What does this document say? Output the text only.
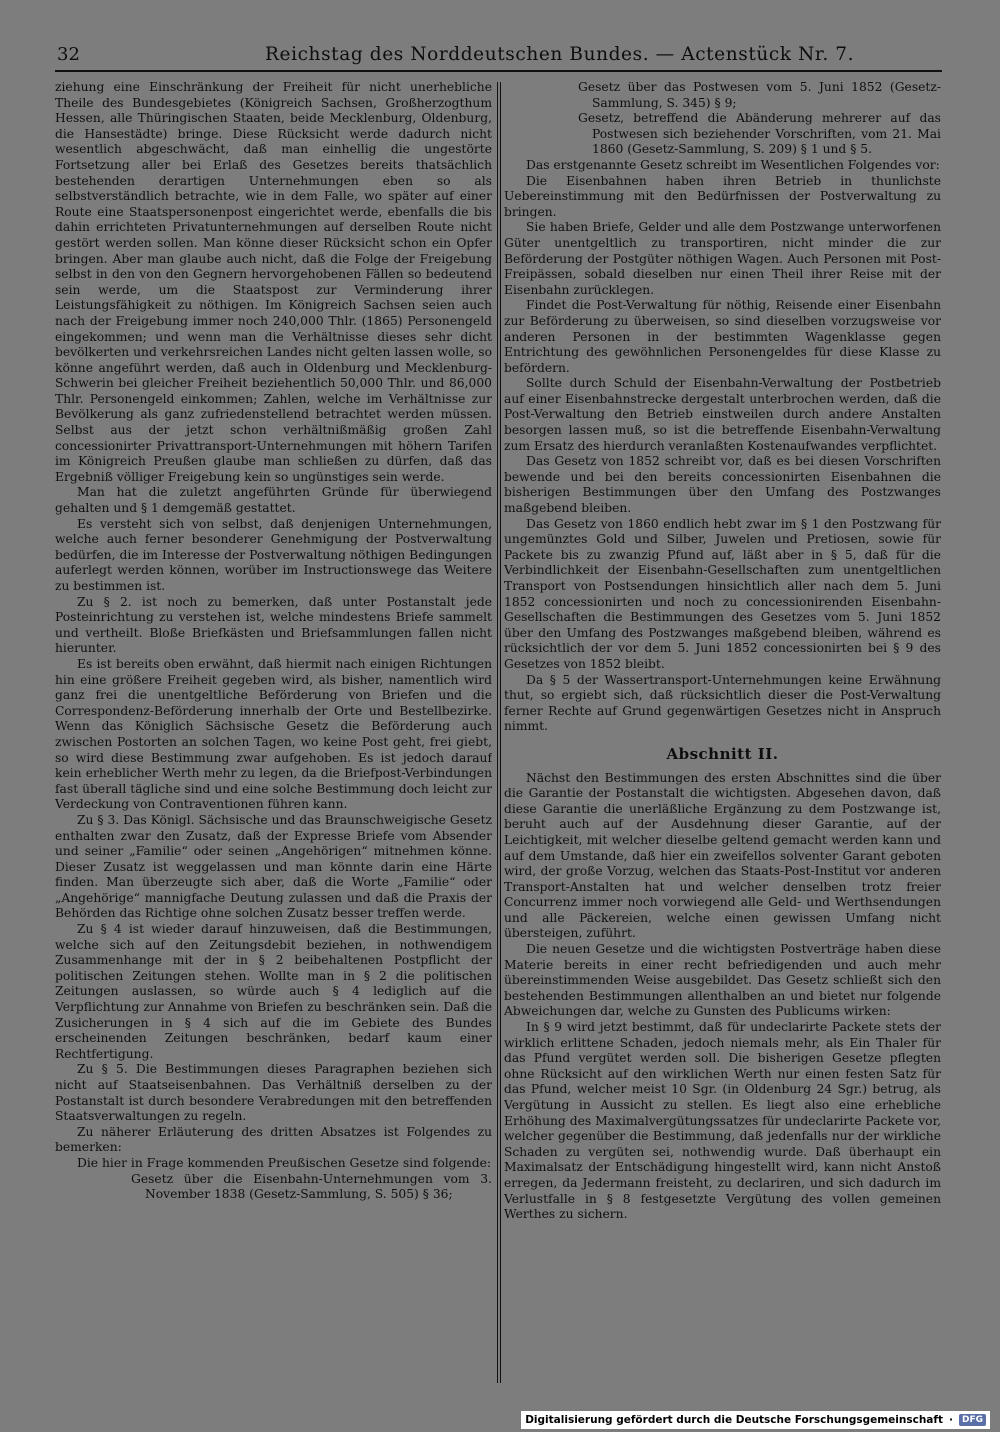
32	Reichstag des Norddeutschen Bundes. — Actenstück Nr. 7.

ziehung eine Einschränkung der Freiheit für nicht unerhebliche Theile des Bundesgebietes (Königreich Sachsen, Großherzogthum Hessen, alle Thüringischen Staaten, beide Mecklenburg, Oldenburg, die Hansestädte) bringe. Diese Rücksicht werde dadurch nicht wesentlich abgeschwächt, daß man einhellig die ungestörte Fortsetzung aller bei Erlaß des Gesetzes bereits thatsächlich bestehenden derartigen Unternehmungen eben so als selbstverständlich betrachte, wie in dem Falle, wo später auf einer Route eine Staatspersonenpost eingerichtet werde, ebenfalls die bis dahin errichteten Privatunternehmungen auf derselben Route nicht gestört werden sollen. Man könne dieser Rücksicht schon ein Opfer bringen. Aber man glaube auch nicht, daß die Folge der Freigebung selbst in den von den Gegnern hervorgehobenen Fällen so bedeutend sein werde, um die Staatspost zur Verminderung ihrer Leistungsfähigkeit zu nöthigen. Im Königreich Sachsen seien auch nach der Freigebung immer noch 240,000 Thlr. (1865) Personengeld eingekommen; und wenn man die Verhältnisse dieses sehr dicht bevölkerten und verkehrsreichen Landes nicht gelten lassen wolle, so könne angeführt werden, daß auch in Oldenburg und Mecklenburg-Schwerin bei gleicher Freiheit beziehentlich 50,000 Thlr. und 86,000 Thlr. Personengeld einkommen; Zahlen, welche im Verhältnisse zur Bevölkerung als ganz zufriedenstellend betrachtet werden müssen. Selbst aus der jetzt schon verhältnißmäßig großen Zahl concessionirter Privattransport-Unternehmungen mit höhern Tarifen im Königreich Preußen glaube man schließen zu dürfen, daß das Ergebniß völliger Freigebung kein so ungünstiges sein werde.

Man hat die zuletzt angeführten Gründe für überwiegend gehalten und § 1 demgemäß gestattet.

Es versteht sich von selbst, daß denjenigen Unternehmungen, welche auch ferner besonderer Genehmigung der Postverwaltung bedürfen, die im Interesse der Postverwaltung nöthigen Bedingungen auferlegt werden können, worüber im Instructionswege das Weitere zu bestimmen ist.

Zu § 2. ist noch zu bemerken, daß unter Postanstalt jede Posteinrichtung zu verstehen ist, welche mindestens Briefe sammelt und vertheilt. Bloße Briefkästen und Briefsammlungen fallen nicht hierunter.

Es ist bereits oben erwähnt, daß hiermit nach einigen Richtungen hin eine größere Freiheit gegeben wird, als bisher, namentlich wird ganz frei die unentgeltliche Beförderung von Briefen und die Correspondenz-Beförderung innerhalb der Orte und Bestellbezirke. Wenn das Königlich Sächsische Gesetz die Beförderung auch zwischen Postorten an solchen Tagen, wo keine Post geht, frei giebt, so wird diese Bestimmung zwar aufgehoben. Es ist jedoch darauf kein erheblicher Werth mehr zu legen, da die Briefpost-Verbindungen fast überall tägliche sind und eine solche Bestimmung doch leicht zur Verdeckung von Contraventionen führen kann.

Zu § 3. Das Königl. Sächsische und das Braunschweigische Gesetz enthalten zwar den Zusatz, daß der Expresse Briefe vom Absender und seiner „Familie“ oder seinen „Angehörigen“ mitnehmen könne. Dieser Zusatz ist weggelassen und man könnte darin eine Härte finden. Man überzeugte sich aber, daß die Worte „Familie“ oder „Angehörige“ mannigfache Deutung zulassen und daß die Praxis der Behörden das Richtige ohne solchen Zusatz besser treffen werde.

Zu § 4 ist wieder darauf hinzuweisen, daß die Bestimmungen, welche sich auf den Zeitungsdebit beziehen, in nothwendigem Zusammenhange mit der in § 2 beibehaltenen Postpflicht der politischen Zeitungen stehen. Wollte man in § 2 die politischen Zeitungen auslassen, so würde auch § 4 lediglich auf die Verpflichtung zur Annahme von Briefen zu beschränken sein. Daß die Zusicherungen in § 4 sich auf die im Gebiete des Bundes erscheinenden Zeitungen beschränken, bedarf kaum einer Rechtfertigung.

Zu § 5. Die Bestimmungen dieses Paragraphen beziehen sich nicht auf Staatseisenbahnen. Das Verhältniß derselben zu der Postanstalt ist durch besondere Verabredungen mit den betreffenden Staatsverwaltungen zu regeln.

Zu näherer Erläuterung des dritten Absatzes ist Folgendes zu bemerken:

Die hier in Frage kommenden Preußischen Gesetze sind folgende:

Gesetz über die Eisenbahn-Unternehmungen vom 3. November 1838 (Gesetz-Sammlung, S. 505) § 36;

Gesetz über das Postwesen vom 5. Juni 1852 (Gesetz-Sammlung, S. 345) § 9;

Gesetz, betreffend die Abänderung mehrerer auf das Postwesen sich beziehender Vorschriften, vom 21. Mai 1860 (Gesetz-Sammlung, S. 209) § 1 und § 5.

Das erstgenannte Gesetz schreibt im Wesentlichen Folgendes vor:

Die Eisenbahnen haben ihren Betrieb in thunlichste Uebereinstimmung mit den Bedürfnissen der Postverwaltung zu bringen.

Sie haben Briefe, Gelder und alle dem Postzwange unterworfenen Güter unentgeltlich zu transportiren, nicht minder die zur Beförderung der Postgüter nöthigen Wagen. Auch Personen mit Post-Freipässen, sobald dieselben nur einen Theil ihrer Reise mit der Eisenbahn zurücklegen.

Findet die Post-Verwaltung für nöthig, Reisende einer Eisenbahn zur Beförderung zu überweisen, so sind dieselben vorzugsweise vor anderen Personen in der bestimmten Wagenklasse gegen Entrichtung des gewöhnlichen Personengeldes für diese Klasse zu befördern.

Sollte durch Schuld der Eisenbahn-Verwaltung der Postbetrieb auf einer Eisenbahnstrecke dergestalt unterbrochen werden, daß die Post-Verwaltung den Betrieb einstweilen durch andere Anstalten besorgen lassen muß, so ist die betreffende Eisenbahn-Verwaltung zum Ersatz des hierdurch veranlaßten Kostenaufwandes verpflichtet.

Das Gesetz von 1852 schreibt vor, daß es bei diesen Vorschriften bewende und bei den bereits concessionirten Eisenbahnen die bisherigen Bestimmungen über den Umfang des Postzwanges maßgebend bleiben.

Das Gesetz von 1860 endlich hebt zwar im § 1 den Postzwang für ungemünztes Gold und Silber, Juwelen und Pretiosen, sowie für Packete bis zu zwanzig Pfund auf, läßt aber in § 5, daß für die Verbindlichkeit der Eisenbahn-Gesellschaften zum unentgeltlichen Transport von Postsendungen hinsichtlich aller nach dem 5. Juni 1852 concessionirten und noch zu concessionirenden Eisenbahn-Gesellschaften die Bestimmungen des Gesetzes vom 5. Juni 1852 über den Umfang des Postzwanges maßgebend bleiben, während es rücksichtlich der vor dem 5. Juni 1852 concessionirten bei § 9 des Gesetzes von 1852 bleibt.

Da § 5 der Wassertransport-Unternehmungen keine Erwähnung thut, so ergiebt sich, daß rücksichtlich dieser die Post-Verwaltung ferner Rechte auf Grund gegenwärtigen Gesetzes nicht in Anspruch nimmt.

Abschnitt II.

Nächst den Bestimmungen des ersten Abschnittes sind die über die Garantie der Postanstalt die wichtigsten. Abgesehen davon, daß diese Garantie die unerläßliche Ergänzung zu dem Postzwange ist, beruht auch auf der Ausdehnung dieser Garantie, auf der Leichtigkeit, mit welcher dieselbe geltend gemacht werden kann und auf dem Umstande, daß hier ein zweifellos solventer Garant geboten wird, der große Vorzug, welchen das Staats-Post-Institut vor anderen Transport-Anstalten hat und welcher denselben trotz freier Concurrenz immer noch vorwiegend alle Geld- und Werthsendungen und alle Päckereien, welche einen gewissen Umfang nicht übersteigen, zuführt.

Die neuen Gesetze und die wichtigsten Postverträge haben diese Materie bereits in einer recht befriedigenden und auch mehr übereinstimmenden Weise ausgebildet. Das Gesetz schließt sich den bestehenden Bestimmungen allenthalben an und bietet nur folgende Abweichungen dar, welche zu Gunsten des Publicums wirken:

In § 9 wird jetzt bestimmt, daß für undeclarirte Packete stets der wirklich erlittene Schaden, jedoch niemals mehr, als Ein Thaler für das Pfund vergütet werden soll. Die bisherigen Gesetze pflegten ohne Rücksicht auf den wirklichen Werth nur einen festen Satz für das Pfund, welcher meist 10 Sgr. (in Oldenburg 24 Sgr.) betrug, als Vergütung in Aussicht zu stellen. Es liegt also eine erhebliche Erhöhung des Maximalvergütungssatzes für undeclarirte Packete vor, welcher gegenüber die Bestimmung, daß jedenfalls nur der wirkliche Schaden zu vergüten sei, nothwendig wurde. Daß überhaupt ein Maximalsatz der Entschädigung hingestellt wird, kann nicht Anstoß erregen, da Jedermann freisteht, zu declariren, und sich dadurch im Verlustfalle in § 8 festgesetzte Vergütung des vollen gemeinen Werthes zu sichern.

Digitalisierung gefördert durch die Deutsche Forschungsgemeinschaft ·	DFG
